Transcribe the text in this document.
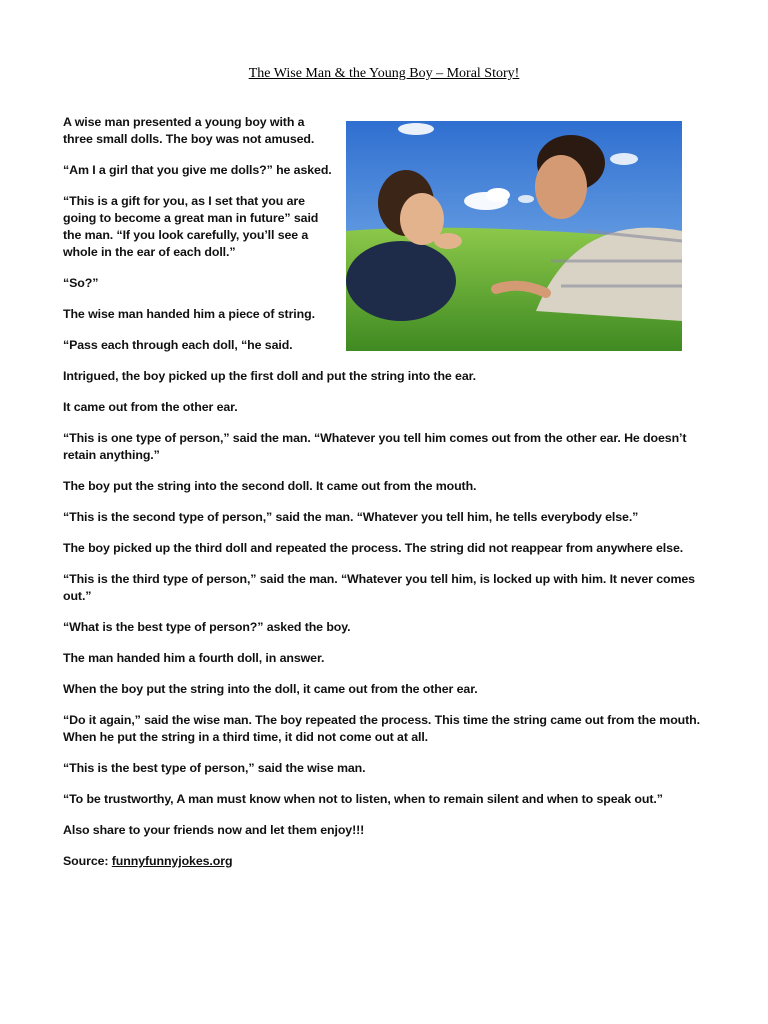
The Wise Man & the Young Boy – Moral Story!

A wise man presented a young boy with a three small dolls. The boy was not amused.

“Am I a girl that you give me dolls?” he asked.

“This is a gift for you, as I set that you are going to become a great man in future” said the man. “If you look carefully, you’ll see a whole in the ear of each doll.”

“So?”

The wise man handed him a piece of string.

“Pass each through each doll, “he said.

Intrigued, the boy picked up the first doll and put the string into the ear.

It came out from the other ear.

“This is one type of person,” said the man. “Whatever you tell him comes out from the other ear. He doesn’t retain anything.”

The boy put the string into the second doll. It came out from the mouth.

“This is the second type of person,” said the man. “Whatever you tell him, he tells everybody else.”

The boy picked up the third doll and repeated the process. The string did not reappear from anywhere else.

“This is the third type of person,” said the man. “Whatever you tell him, is locked up with him. It never comes out.”

“What is the best type of person?” asked the boy.

The man handed him a fourth doll, in answer.

When the boy put the string into the doll, it came out from the other ear.

“Do it again,” said the wise man. The boy repeated the process. This time the string came out from the mouth. When he put the string in a third time, it did not come out at all.

“This is the best type of person,” said the wise man.

“To be trustworthy, A man must know when not to listen, when to remain silent and when to speak out.”

Also share to your friends now and let them enjoy!!!

Source: funnyfunnyjokes.org
